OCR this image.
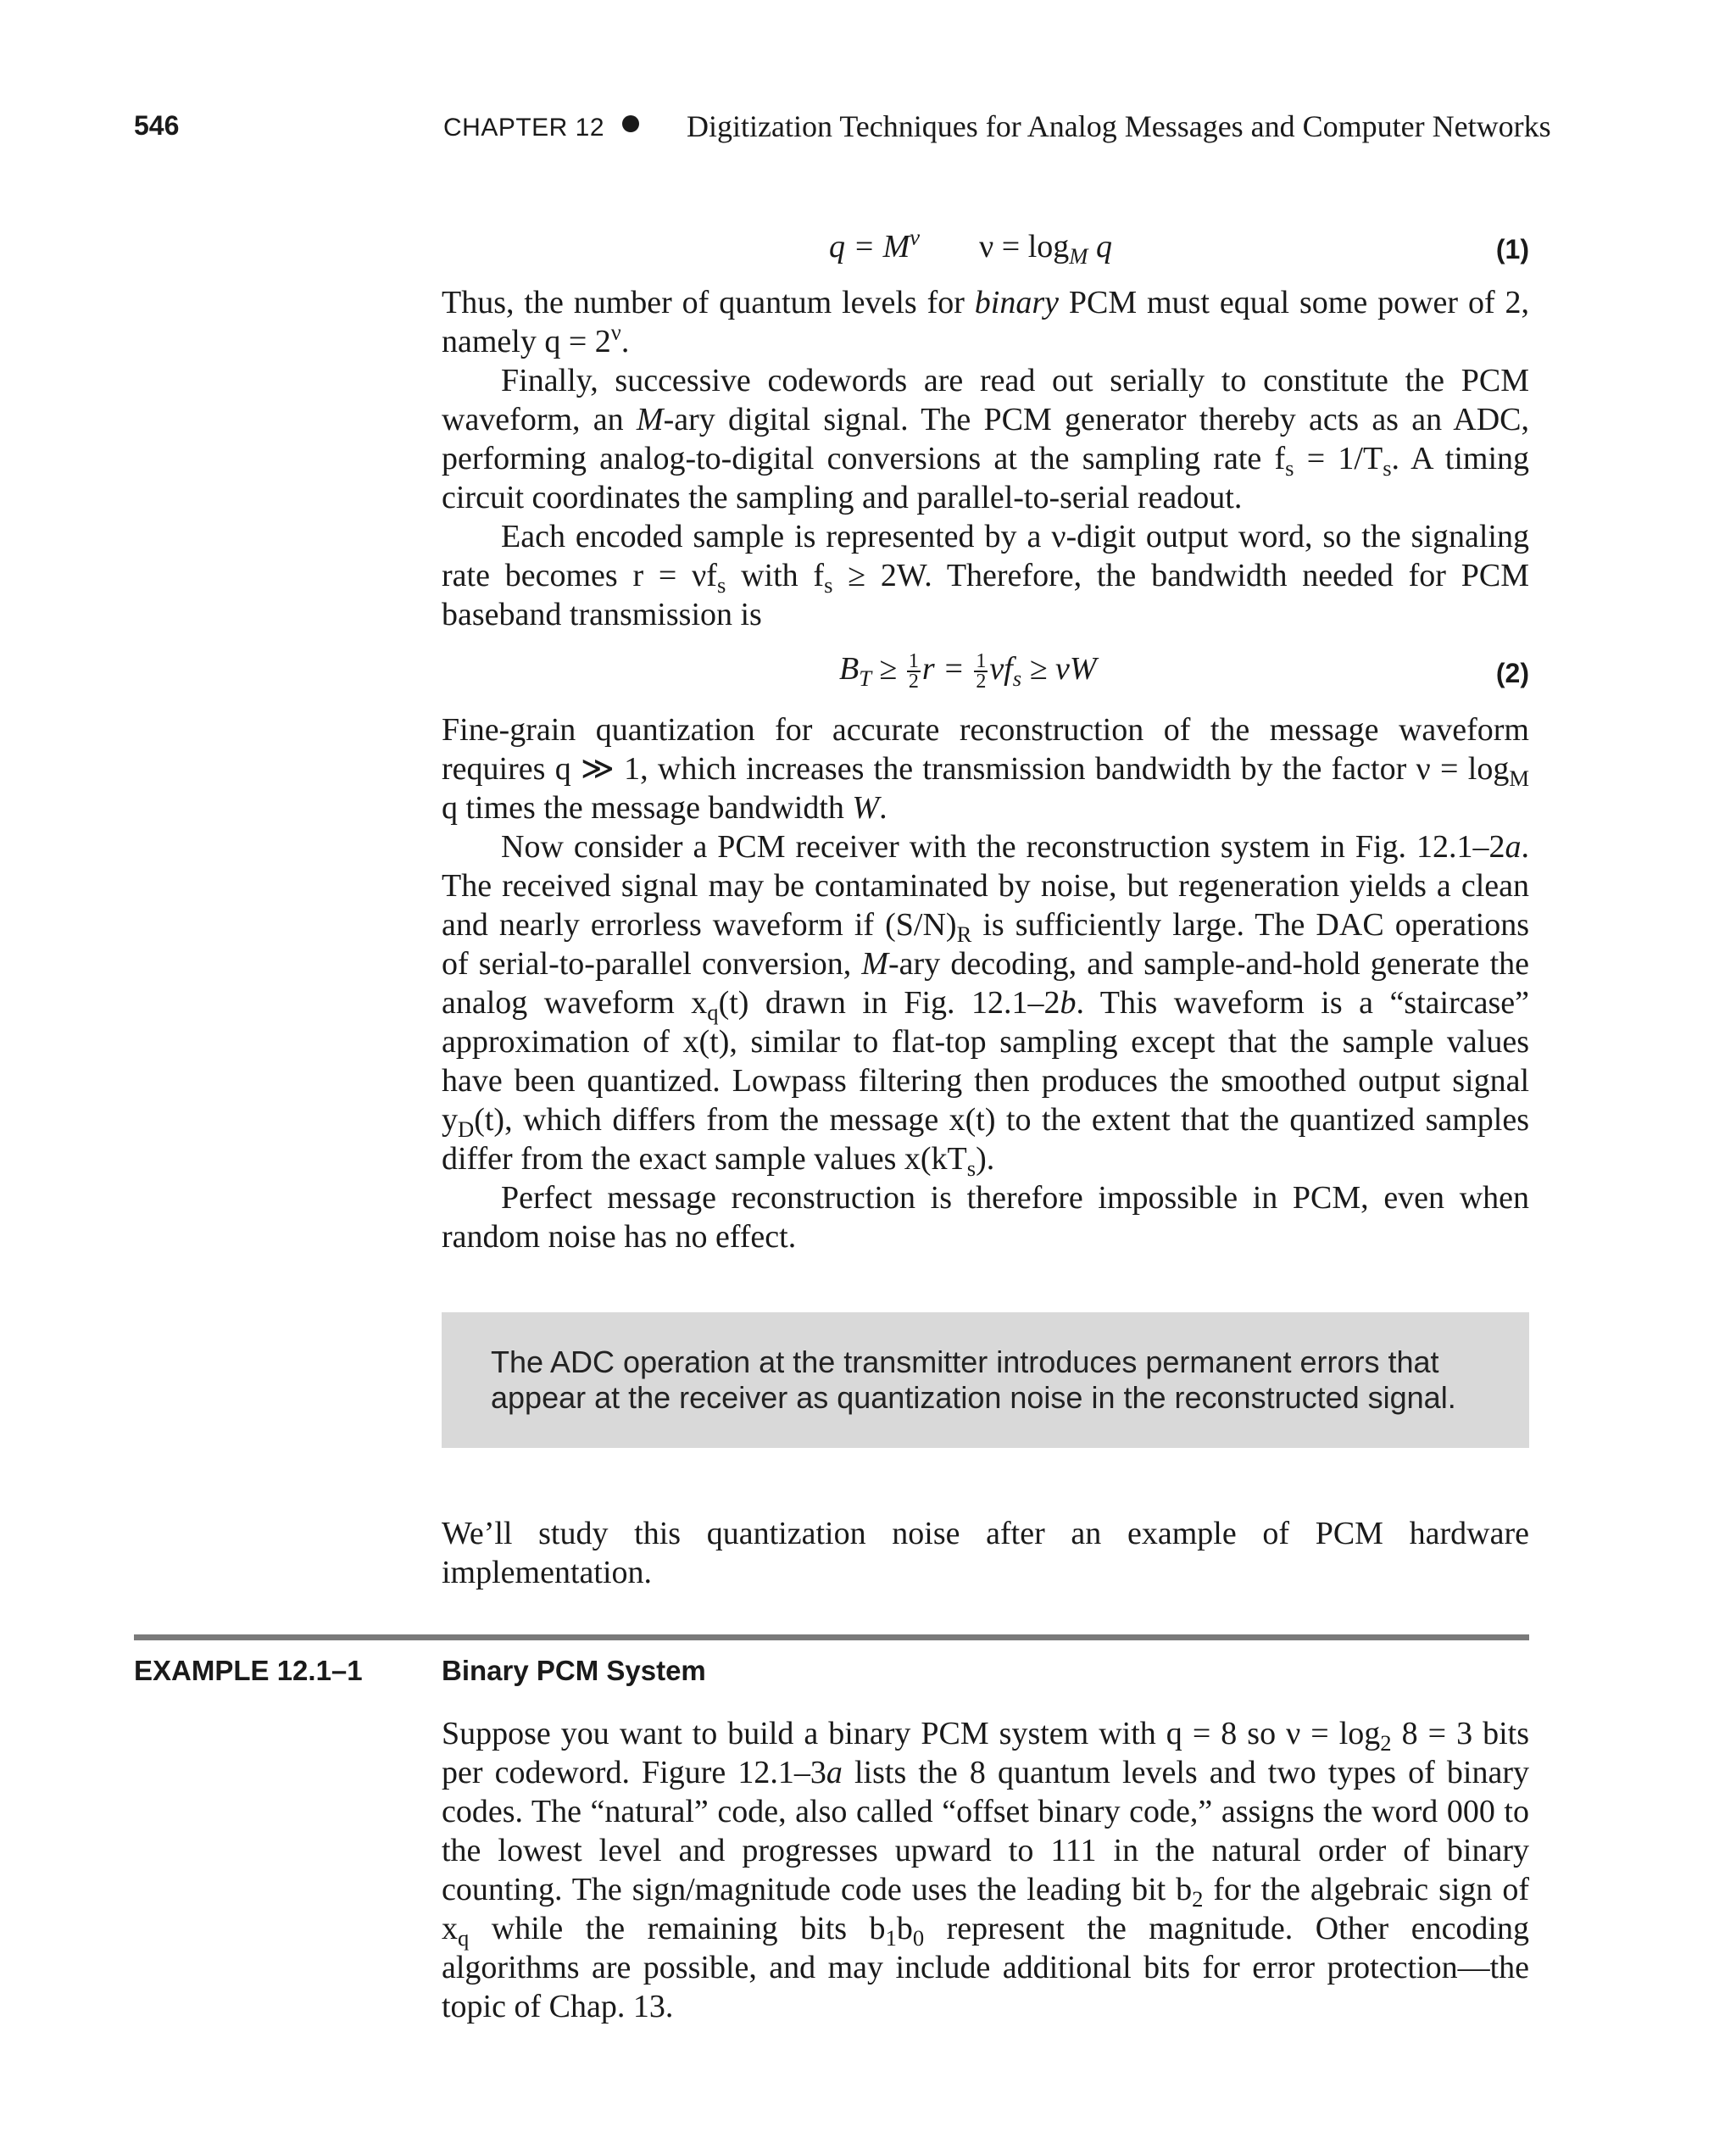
546	CHAPTER 12	Digitization Techniques for Analog Messages and Computer Networks
$q = M^\nu$ $\nu = \log_M q$	(1)

Thus, the number of quantum levels for binary PCM must equal some power of 2, namely $q = 2^\nu$.

Finally, successive codewords are read out serially to constitute the PCM waveform, an M-ary digital signal. The PCM generator thereby acts as an ADC, performing analog-to-digital conversions at the sampling rate $f_s = 1/T_s$. A timing circuit coordinates the sampling and parallel-to-serial readout.

Each encoded sample is represented by a ν-digit output word, so the signaling rate becomes $r = \nu f_s$ with $f_s \ge 2W$. Therefore, the bandwidth needed for PCM baseband transmission is

$B_T \ge \frac{1}{2}$ $r = \frac{1}{2} \nu f_s \ge \nu W$	(2)

Fine-grain quantization for accurate reconstruction of the message waveform requires q ≫ 1, which increases the transmission bandwidth by the factor $\nu = \log_M q$ times the message bandwidth W.

Now consider a PCM receiver with the reconstruction system in Fig. 12.1–2a. The received signal may be contaminated by noise, but regeneration yields a clean and nearly errorless waveform if $(S/N)_R$ is sufficiently large. The DAC operations of serial-to-parallel conversion, M-ary decoding, and sample-and-hold generate the analog waveform $x_q(t)$ drawn in Fig. 12.1–2b. This waveform is a “staircase” approximation of x(t), similar to flat-top sampling except that the sample values have been quantized. Lowpass filtering then produces the smoothed output signal $y_D(t)$, which differs from the message x(t) to the extent that the quantized samples differ from the exact sample values $x(kT_s)$.

Perfect message reconstruction is therefore impossible in PCM, even when random noise has no effect.

The ADC operation at the transmitter introduces permanent errors that appear at the receiver as quantization noise in the reconstructed signal.

We’ll study this quantization noise after an example of PCM hardware implementation.

EXAMPLE 12.1–1	Binary PCM System

Suppose you want to build a binary PCM system with q = 8 so $\nu = \log_2 8 = 3$ bits per codeword. Figure 12.1–3a lists the 8 quantum levels and two types of binary codes. The “natural” code, also called “offset binary code,” assigns the word 000 to the lowest level and progresses upward to 111 in the natural order of binary counting. The sign/magnitude code uses the leading bit $b_2$ for the algebraic sign of $x_q$ while the remaining bits $b_1b_0$ represent the magnitude. Other encoding algorithms are possible, and may include additional bits for error protection—the topic of Chap. 13.
